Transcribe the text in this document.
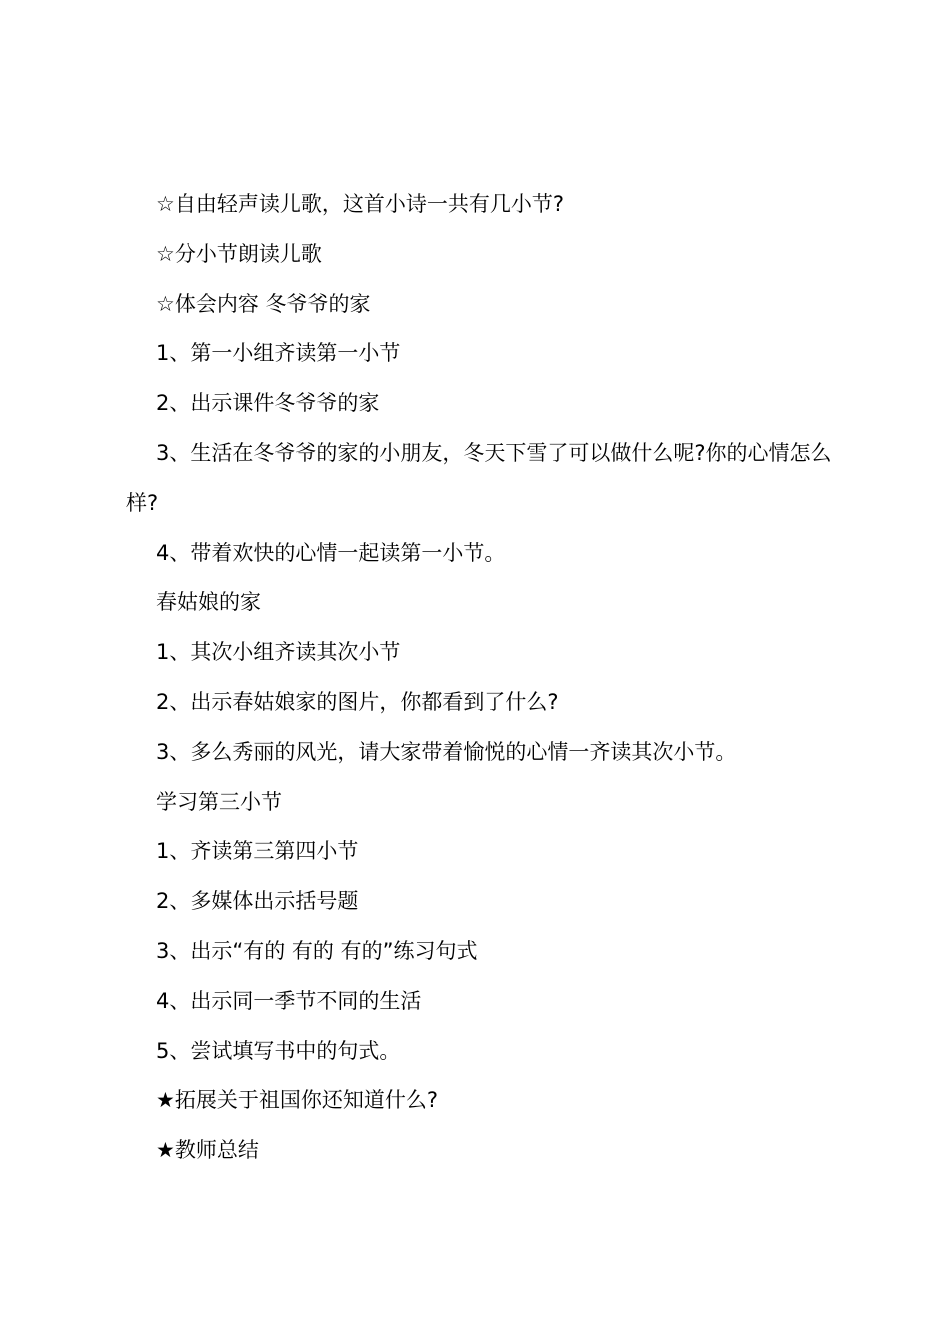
☆自由轻声读儿歌，这首小诗一共有几小节?
☆分小节朗读儿歌
☆体会内容 冬爷爷的家
1、第一小组齐读第一小节
2、出示课件冬爷爷的家
3、生活在冬爷爷的家的小朋友，冬天下雪了可以做什么呢?你的心情怎么样?
4、带着欢快的心情一起读第一小节。
春姑娘的家
1、其次小组齐读其次小节
2、出示春姑娘家的图片，你都看到了什么?
3、多么秀丽的风光，请大家带着愉悦的心情一齐读其次小节。
学习第三小节
1、齐读第三第四小节
2、多媒体出示括号题
3、出示“有的 有的 有的”练习句式
4、出示同一季节不同的生活
5、尝试填写书中的句式。
★拓展关于祖国你还知道什么?
★教师总结
